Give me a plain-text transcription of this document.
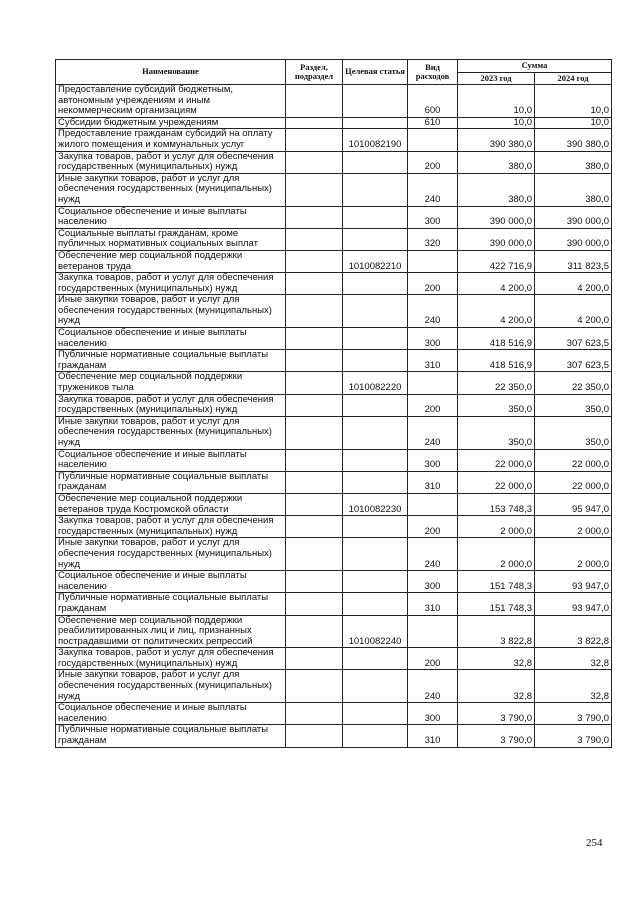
Наименование	Раздел, подраздел	Целевая статья	Вид расходов	Сумма	
				2023 год	2024 год
Предоставление субсидий бюджетным, автономным учреждениям и иным некоммерческим организациям			600	10,0	10,0
Субсидии бюджетным учреждениям			610	10,0	10,0
Предоставление гражданам субсидий на оплату жилого помещения и коммунальных услуг		1010082190		390 380,0	390 380,0
Закупка товаров, работ и услуг для обеспечения государственных (муниципальных) нужд			200	380,0	380,0
Иные закупки товаров, работ и услуг для обеспечения государственных (муниципальных) нужд			240	380,0	380,0
Социальное обеспечение и иные выплаты населению			300	390 000,0	390 000,0
Социальные выплаты гражданам, кроме публичных нормативных социальных выплат			320	390 000,0	390 000,0
Обеспечение мер социальной поддержки ветеранов труда		1010082210		422 716,9	311 823,5
Закупка товаров, работ и услуг для обеспечения государственных (муниципальных) нужд			200	4 200,0	4 200,0
Иные закупки товаров, работ и услуг для обеспечения государственных (муниципальных) нужд			240	4 200,0	4 200,0
Социальное обеспечение и иные выплаты населению			300	418 516,9	307 623,5
Публичные нормативные социальные выплаты гражданам			310	418 516,9	307 623,5
Обеспечение мер социальной поддержки тружеников тыла		1010082220		22 350,0	22 350,0
Закупка товаров, работ и услуг для обеспечения государственных (муниципальных) нужд			200	350,0	350,0
Иные закупки товаров, работ и услуг для обеспечения государственных (муниципальных) нужд			240	350,0	350,0
Социальное обеспечение и иные выплаты населению			300	22 000,0	22 000,0
Публичные нормативные социальные выплаты гражданам			310	22 000,0	22 000,0
Обеспечение мер социальной поддержки ветеранов труда Костромской области		1010082230		153 748,3	95 947,0
Закупка товаров, работ и услуг для обеспечения государственных (муниципальных) нужд			200	2 000,0	2 000,0
Иные закупки товаров, работ и услуг для обеспечения государственных (муниципальных) нужд			240	2 000,0	2 000,0
Социальное обеспечение и иные выплаты населению			300	151 748,3	93 947,0
Публичные нормативные социальные выплаты гражданам			310	151 748,3	93 947,0
Обеспечение мер социальной поддержки реабилитированных лиц и лиц, признанных пострадавшими от политических репрессий		1010082240		3 822,8	3 822,8
Закупка товаров, работ и услуг для обеспечения государственных (муниципальных) нужд			200	32,8	32,8
Иные закупки товаров, работ и услуг для обеспечения государственных (муниципальных) нужд			240	32,8	32,8
Социальное обеспечение и иные выплаты населению			300	3 790,0	3 790,0
Публичные нормативные социальные выплаты гражданам			310	3 790,0	3 790,0
254
